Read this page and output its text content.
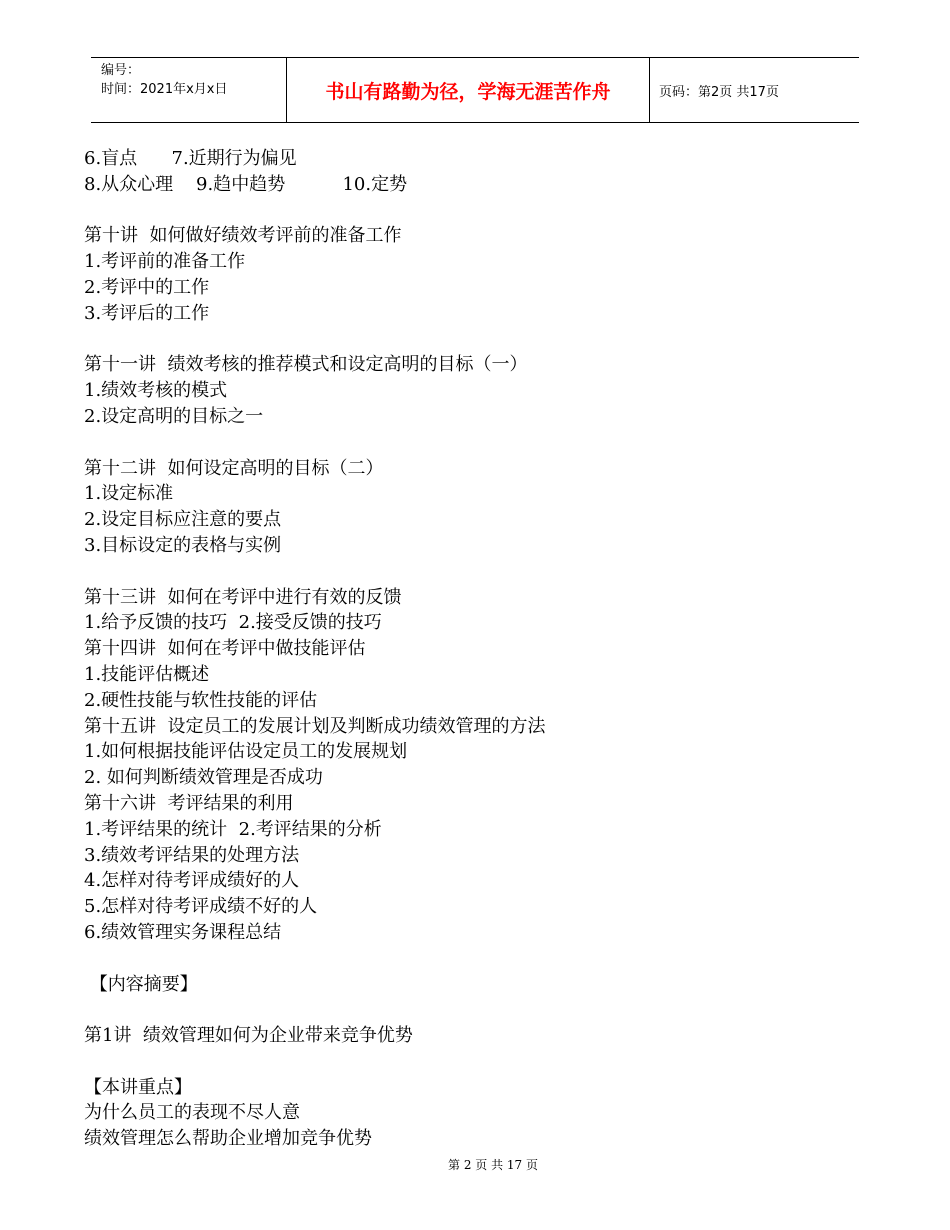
编号：
时间：2021年x月x日	书山有路勤为径，学海无涯苦作舟	页码：第2页 共17页
6.盲点      7.近期行为偏见
8.从众心理    9.趋中趋势          10.定势
第十讲  如何做好绩效考评前的准备工作
1.考评前的准备工作
2.考评中的工作
3.考评后的工作
第十一讲  绩效考核的推荐模式和设定高明的目标（一）
1.绩效考核的模式
2.设定高明的目标之一
第十二讲  如何设定高明的目标（二）
1.设定标准
2.设定目标应注意的要点
3.目标设定的表格与实例
第十三讲  如何在考评中进行有效的反馈
1.给予反馈的技巧  2.接受反馈的技巧
第十四讲  如何在考评中做技能评估
1.技能评估概述
2.硬性技能与软性技能的评估
第十五讲  设定员工的发展计划及判断成功绩效管理的方法
1.如何根据技能评估设定员工的发展规划
2. 如何判断绩效管理是否成功
第十六讲  考评结果的利用
1.考评结果的统计  2.考评结果的分析
3.绩效考评结果的处理方法
4.怎样对待考评成绩好的人
5.怎样对待考评成绩不好的人
6.绩效管理实务课程总结
【内容摘要】
第1讲  绩效管理如何为企业带来竞争优势
【本讲重点】
为什么员工的表现不尽人意
绩效管理怎么帮助企业增加竞争优势
第 2 页 共 17 页
